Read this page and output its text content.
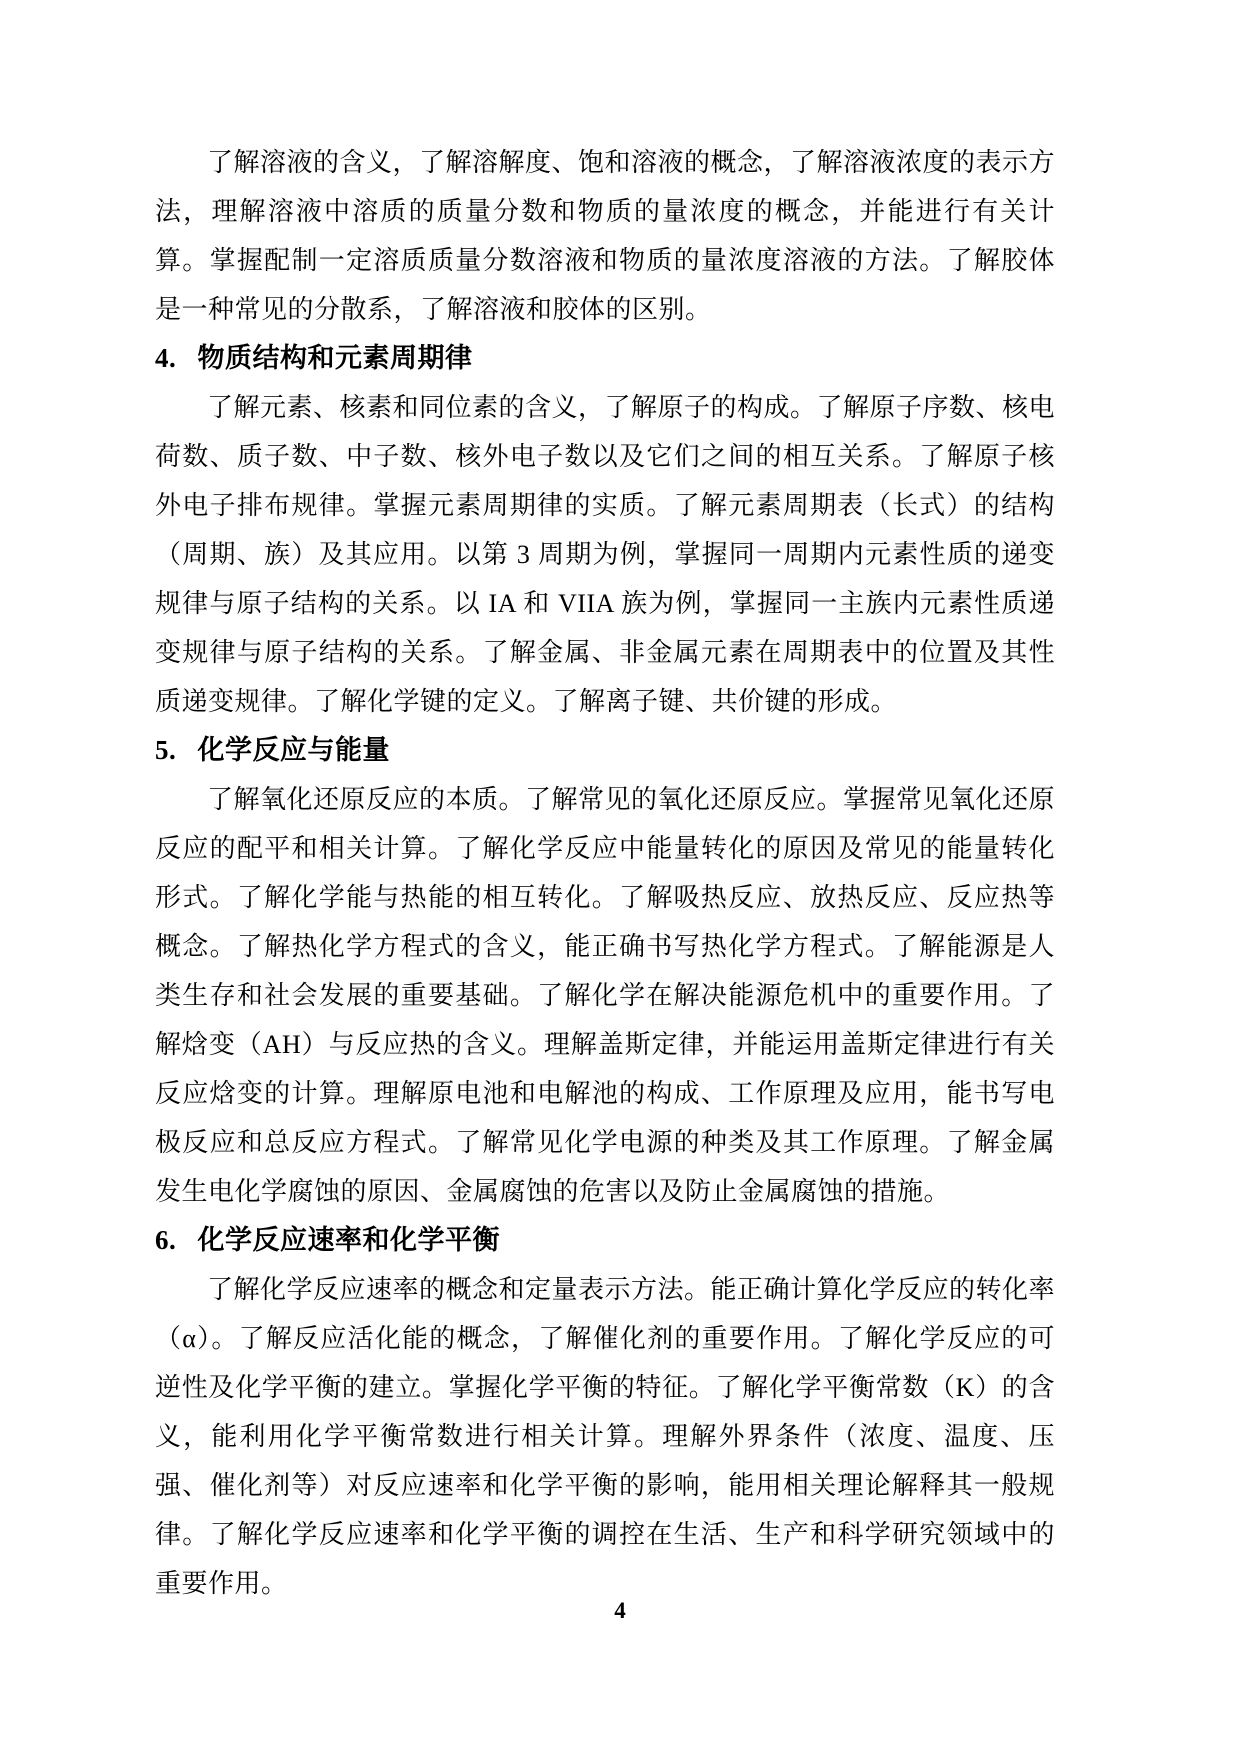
了解溶液的含义，了解溶解度、饱和溶液的概念，了解溶液浓度的表示方法，理解溶液中溶质的质量分数和物质的量浓度的概念，并能进行有关计算。掌握配制一定溶质质量分数溶液和物质的量浓度溶液的方法。了解胶体是一种常见的分散系，了解溶液和胶体的区别。

4. 物质结构和元素周期律

了解元素、核素和同位素的含义，了解原子的构成。了解原子序数、核电荷数、质子数、中子数、核外电子数以及它们之间的相互关系。了解原子核外电子排布规律。掌握元素周期律的实质。了解元素周期表（长式）的结构（周期、族）及其应用。以第 3 周期为例，掌握同一周期内元素性质的递变规律与原子结构的关系。以 IA 和 VIIA 族为例，掌握同一主族内元素性质递变规律与原子结构的关系。了解金属、非金属元素在周期表中的位置及其性质递变规律。了解化学键的定义。了解离子键、共价键的形成。

5. 化学反应与能量

了解氧化还原反应的本质。了解常见的氧化还原反应。掌握常见氧化还原反应的配平和相关计算。了解化学反应中能量转化的原因及常见的能量转化形式。了解化学能与热能的相互转化。了解吸热反应、放热反应、反应热等概念。了解热化学方程式的含义，能正确书写热化学方程式。了解能源是人类生存和社会发展的重要基础。了解化学在解决能源危机中的重要作用。了解焓变（AH）与反应热的含义。理解盖斯定律，并能运用盖斯定律进行有关反应焓变的计算。理解原电池和电解池的构成、工作原理及应用，能书写电极反应和总反应方程式。了解常见化学电源的种类及其工作原理。了解金属发生电化学腐蚀的原因、金属腐蚀的危害以及防止金属腐蚀的措施。

6. 化学反应速率和化学平衡

了解化学反应速率的概念和定量表示方法。能正确计算化学反应的转化率（α）。了解反应活化能的概念，了解催化剂的重要作用。了解化学反应的可逆性及化学平衡的建立。掌握化学平衡的特征。了解化学平衡常数（K）的含义，能利用化学平衡常数进行相关计算。理解外界条件（浓度、温度、压强、催化剂等）对反应速率和化学平衡的影响，能用相关理论解释其一般规律。了解化学反应速率和化学平衡的调控在生活、生产和科学研究领域中的重要作用。

4
